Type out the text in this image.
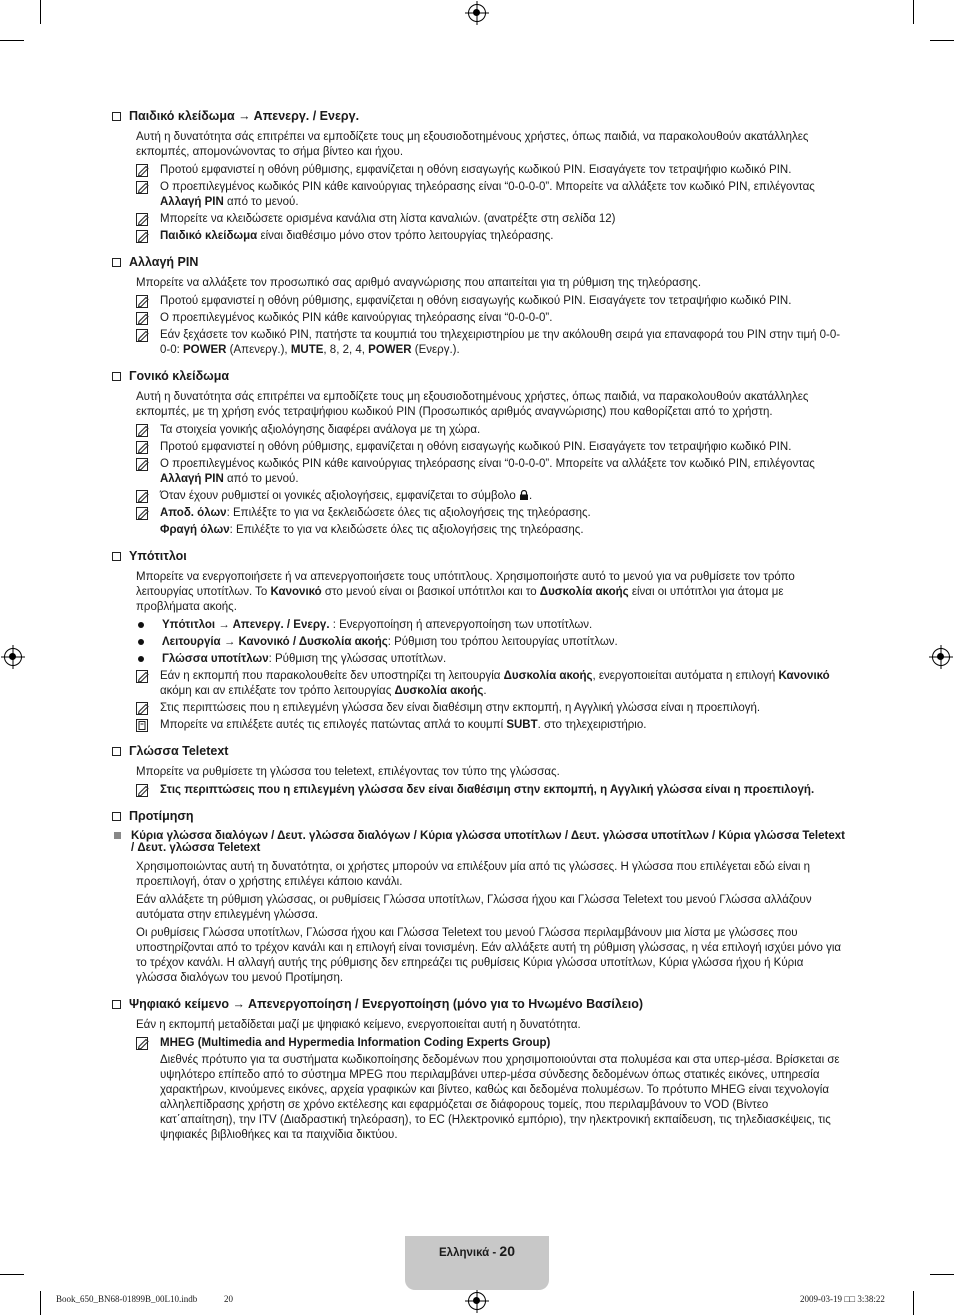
Παιδικό κλείδωμα → Απενεργ. / Ενεργ.
Αυτή η δυνατότητα σάς επιτρέπει να εμποδίζετε τους μη εξουσιοδοτημένους χρήστες, όπως παιδιά, να παρακολουθούν ακατάλληλες εκπομπές, απομονώνοντας το σήμα βίντεο και ήχου.
Προτού εμφανιστεί η οθόνη ρύθμισης, εμφανίζεται η οθόνη εισαγωγής κωδικού PIN. Εισαγάγετε τον τετραψήφιο κωδικό PIN.
Ο προεπιλεγμένος κωδικός PIN κάθε καινούργιας τηλεόρασης είναι “0-0-0-0”. Μπορείτε να αλλάξετε τον κωδικό PIN, επιλέγοντας Αλλαγή PIN από το μενού.
Μπορείτε να κλειδώσετε ορισμένα κανάλια στη λίστα καναλιών. (ανατρέξτε στη σελίδα 12)
Παιδικό κλείδωμα είναι διαθέσιμο μόνο στον τρόπο λειτουργίας τηλεόρασης.
Αλλαγή PIN
Μπορείτε να αλλάξετε τον προσωπικό σας αριθμό αναγνώρισης που απαιτείται για τη ρύθμιση της τηλεόρασης.
Προτού εμφανιστεί η οθόνη ρύθμισης, εμφανίζεται η οθόνη εισαγωγής κωδικού PIN. Εισαγάγετε τον τετραψήφιο κωδικό PIN.
Ο προεπιλεγμένος κωδικός PIN κάθε καινούργιας τηλεόρασης είναι “0-0-0-0”.
Εάν ξεχάσετε τον κωδικό PIN, πατήστε τα κουμπιά του τηλεχειριστηρίου με την ακόλουθη σειρά για επαναφορά του PIN στην τιμή 0-0-0-0: POWER (Απενεργ.), MUTE, 8, 2, 4, POWER (Ενεργ.).
Γονικό κλείδωμα
Αυτή η δυνατότητα σάς επιτρέπει να εμποδίζετε τους μη εξουσιοδοτημένους χρήστες, όπως παιδιά, να παρακολουθούν ακατάλληλες εκπομπές, με τη χρήση ενός τετραψήφιου κωδικού PIN (Προσωπικός αριθμός αναγνώρισης) που καθορίζεται από το χρήστη.
Τα στοιχεία γονικής αξιολόγησης διαφέρει ανάλογα με τη χώρα.
Προτού εμφανιστεί η οθόνη ρύθμισης, εμφανίζεται η οθόνη εισαγωγής κωδικού PIN. Εισαγάγετε τον τετραψήφιο κωδικό PIN.
Ο προεπιλεγμένος κωδικός PIN κάθε καινούργιας τηλεόρασης είναι “0-0-0-0”. Μπορείτε να αλλάξετε τον κωδικό PIN, επιλέγοντας Αλλαγή PIN από το μενού.
Όταν έχουν ρυθμιστεί οι γονικές αξιολογήσεις, εμφανίζεται το σύμβολο .
Αποδ. όλων: Επιλέξτε το για να ξεκλειδώσετε όλες τις αξιολογήσεις της τηλεόρασης.
Φραγή όλων: Επιλέξτε το για να κλειδώσετε όλες τις αξιολογήσεις της τηλεόρασης.
Υπότιτλοι
Μπορείτε να ενεργοποιήσετε ή να απενεργοποιήσετε τους υπότιτλους. Χρησιμοποιήστε αυτό το μενού για να ρυθμίσετε τον τρόπο λειτουργίας υποτίτλων. Το Κανονικό στο μενού είναι οι βασικοί υπότιτλοι και το Δυσκολία ακοής είναι οι υπότιτλοι για άτομα με προβλήματα ακοής.
Υπότιτλοι → Απενεργ. / Ενεργ. : Ενεργοποίηση ή απενεργοποίηση των υποτίτλων.
Λειτουργία → Κανονικό / Δυσκολία ακοής: Ρύθμιση του τρόπου λειτουργίας υποτίτλων.
Γλώσσα υποτίτλων: Ρύθμιση της γλώσσας υποτίτλων.
Εάν η εκπομπή που παρακολουθείτε δεν υποστηρίζει τη λειτουργία Δυσκολία ακοής, ενεργοποιείται αυτόματα η επιλογή Κανονικό ακόμη και αν επιλέξατε τον τρόπο λειτουργίας Δυσκολία ακοής.
Στις περιπτώσεις που η επιλεγμένη γλώσσα δεν είναι διαθέσιμη στην εκπομπή, η Αγγλική γλώσσα είναι η προεπιλογή.
Μπορείτε να επιλέξετε αυτές τις επιλογές πατώντας απλά το κουμπί SUBT. στο τηλεχειριστήριο.
Γλώσσα Teletext
Μπορείτε να ρυθμίσετε τη γλώσσα του teletext, επιλέγοντας τον τύπο της γλώσσας.
Στις περιπτώσεις που η επιλεγμένη γλώσσα δεν είναι διαθέσιμη στην εκπομπή, η Αγγλική γλώσσα είναι η προεπιλογή.
Προτίμηση
Κύρια γλώσσα διαλόγων / Δευτ. γλώσσα διαλόγων / Κύρια γλώσσα υποτίτλων / Δευτ. γλώσσα υποτίτλων / Κύρια γλώσσα Teletext / Δευτ. γλώσσα Teletext
Χρησιμοποιώντας αυτή τη δυνατότητα, οι χρήστες μπορούν να επιλέξουν μία από τις γλώσσες. Η γλώσσα που επιλέγεται εδώ είναι η προεπιλογή, όταν ο χρήστης επιλέγει κάποιο κανάλι.
Εάν αλλάξετε τη ρύθμιση γλώσσας, οι ρυθμίσεις Γλώσσα υποτίτλων, Γλώσσα ήχου και Γλώσσα Teletext του μενού Γλώσσα αλλάζουν αυτόματα στην επιλεγμένη γλώσσα.
Οι ρυθμίσεις Γλώσσα υποτίτλων, Γλώσσα ήχου και Γλώσσα Teletext του μενού Γλώσσα περιλαμβάνουν μια λίστα με γλώσσες που υποστηρίζονται από το τρέχον κανάλι και η επιλογή είναι τονισμένη. Εάν αλλάξετε αυτή τη ρύθμιση γλώσσας, η νέα επιλογή ισχύει μόνο για το τρέχον κανάλι. Η αλλαγή αυτής της ρύθμισης δεν επηρεάζει τις ρυθμίσεις Κύρια γλώσσα υποτίτλων, Κύρια γλώσσα ήχου ή Κύρια γλώσσα διαλόγων του μενού Προτίμηση.
Ψηφιακό κείμενο → Απενεργοποίηση / Ενεργοποίηση (μόνο για το Ηνωμένο Βασίλειο)
Εάν η εκπομπή μεταδίδεται μαζί με ψηφιακό κείμενο, ενεργοποιείται αυτή η δυνατότητα.
MHEG (Multimedia and Hypermedia Information Coding Experts Group)
Διεθνές πρότυπο για τα συστήματα κωδικοποίησης δεδομένων που χρησιμοποιούνται στα πολυμέσα και στα υπερ-μέσα. Βρίσκεται σε υψηλότερο επίπεδο από το σύστημα MPEG που περιλαμβάνει υπερ-μέσα σύνδεσης δεδομένων όπως στατικές εικόνες, υπηρεσία χαρακτήρων, κινούμενες εικόνες, αρχεία γραφικών και βίντεο, καθώς και δεδομένα πολυμέσων. Το πρότυπο MHEG είναι τεχνολογία αλληλεπίδρασης χρήστη σε χρόνο εκτέλεσης και εφαρμόζεται σε διάφορους τομείς, που περιλαμβάνουν το VOD (Βίντεο κατ΄απαίτηση), την ITV (Διαδραστική τηλεόραση), το EC (Ηλεκτρονικό εμπόριο), την ηλεκτρονική εκπαίδευση, τις τηλεδιασκέψεις, τις ψηφιακές βιβλιοθήκες και τα παιχνίδια δικτύου.
Ελληνικά - 20
Book_650_BN68-01899B_00L10.indb	20	2009-03-19 □□ 3:38:22
